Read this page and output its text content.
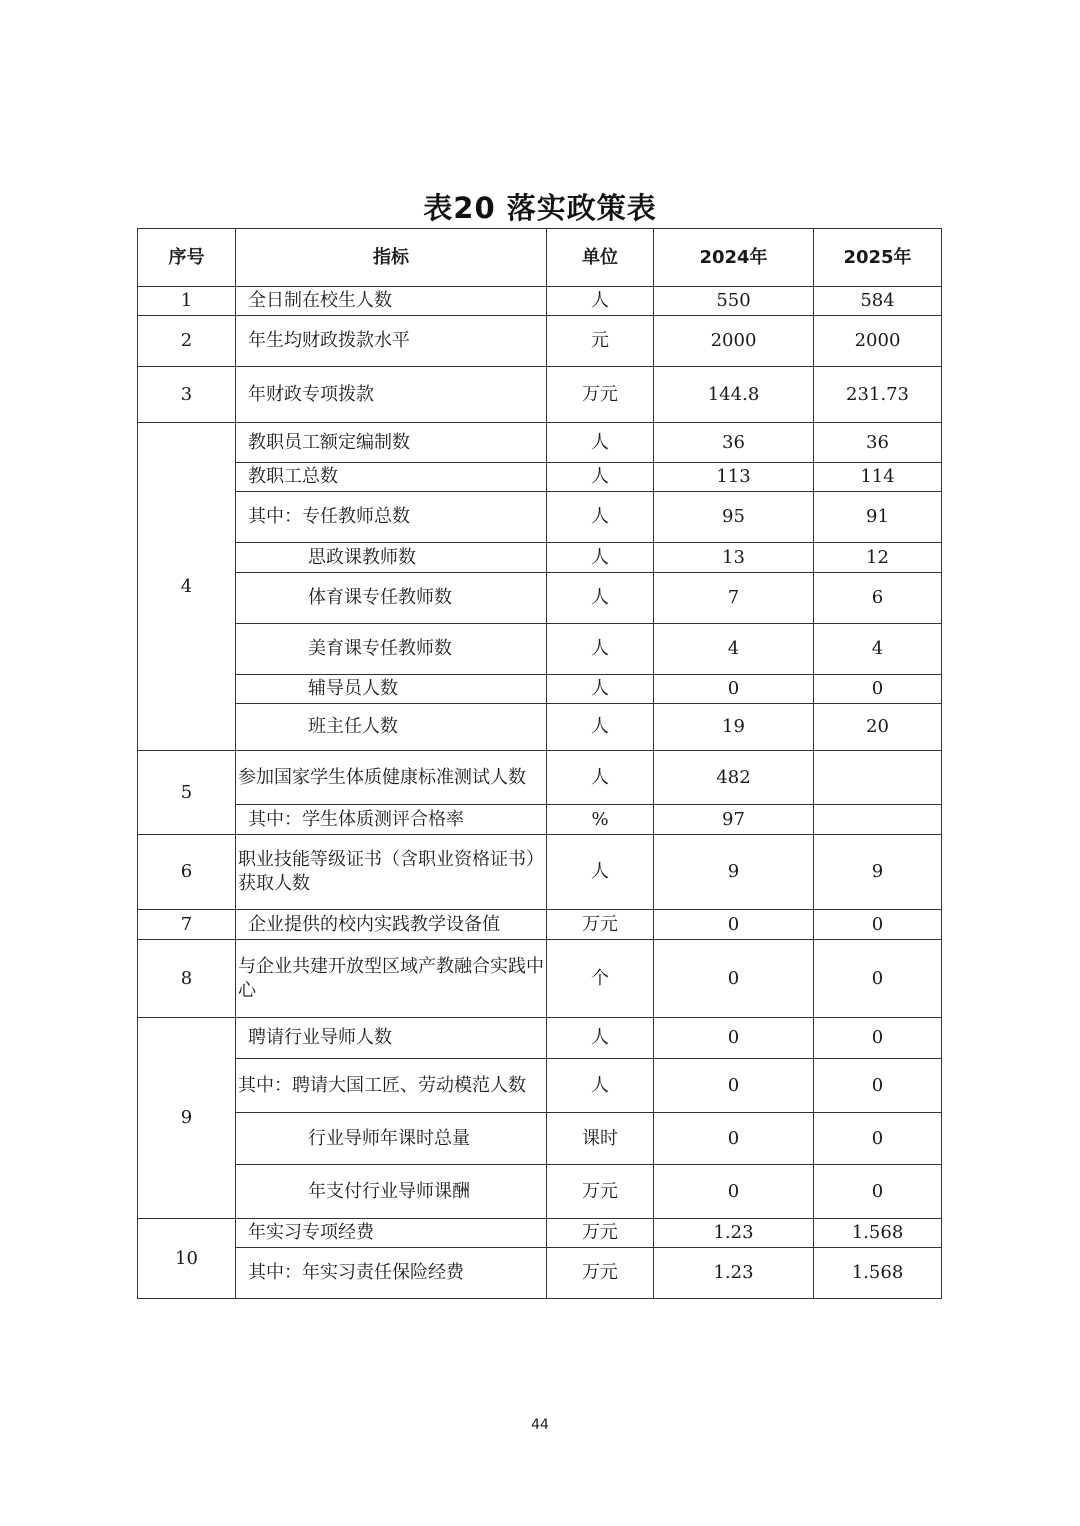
表20 落实政策表
序号	指标	单位	2024年	2025年
1	全日制在校生人数	人	550	584
2	年生均财政拨款水平	元	2000	2000
3	年财政专项拨款	万元	144.8	231.73
4	教职员工额定编制数	人	36	36
	教职工总数	人	113	114
	其中：专任教师总数	人	95	91
	思政课教师数	人	13	12
	体育课专任教师数	人	7	6
	美育课专任教师数	人	4	4
	辅导员人数	人	0	0
	班主任人数	人	19	20
5	参加国家学生体质健康标准测试人数	人	482	
	其中：学生体质测评合格率	%	97	
6	职业技能等级证书（含职业资格证书）获取人数	人	9	9
7	企业提供的校内实践教学设备值	万元	0	0
8	与企业共建开放型区域产教融合实践中心	个	0	0
9	聘请行业导师人数	人	0	0
	其中：聘请大国工匠、劳动模范人数	人	0	0
	行业导师年课时总量	课时	0	0
	年支付行业导师课酬	万元	0	0
10	年实习专项经费	万元	1.23	1.568
	其中：年实习责任保险经费	万元	1.23	1.568
44
